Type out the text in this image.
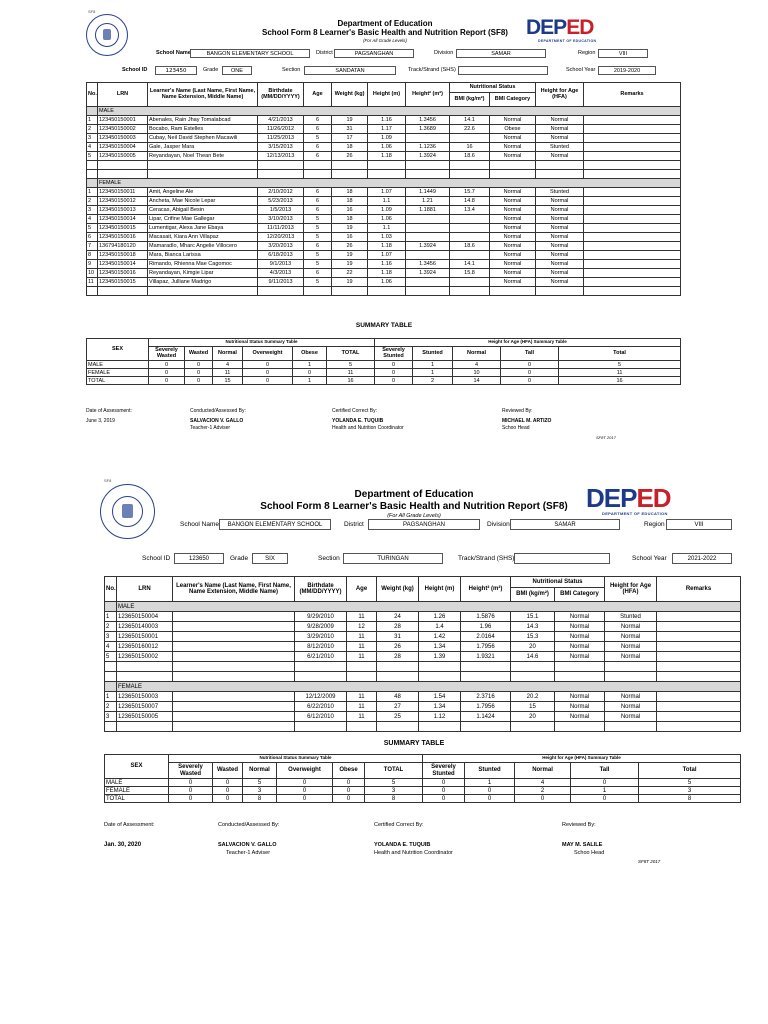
SF8
Department of Education
School Form 8 Learner's Basic Health and Nutrition Report (SF8)
(For All Grade Levels)
DEPED
DEPARTMENT OF EDUCATION
School Name	BANGON ELEMENTARY SCHOOL	District	PAGSANGHAN	Division	SAMAR	Region	VIII
School ID	123450	Grade	ONE	Section	SANDATAN	Track/Strand (SHS)	School Year	2019-2020
No.	LRN	Learner's Name (Last Name, First Name, Name Extension, Middle Name)	Birthdate (MM/DD/YYYY)	Age	Weight (kg)	Height (m)	Height² (m²)	Nutritional Status		Height for Age (HFA)	Remarks
								BMI (kg/m²)	BMI Category		
	MALE										
1	123450150001	Abenales, Rain Jhay Tomalabcad	4/21/2013	6	19	1.16	1.3456	14.1	Normal	Normal	
2	123450150002	Bocabo, Ram Estelles	11/26/2012	6	31	1.17	1.3689	22.6	Obese	Normal	
3	123450150003	Cubay, Neil David Stephen Macawili	11/25/2013	5	17	1.09			Normal	Normal	
4	123450150004	Gale, Jasper Mara	3/15/2013	6	18	1.06	1.1236	16	Normal	Stunted	
5	123450150005	Reyandayan, Noel Thean Bete	12/13/2013	6	26	1.18	1.3924	18.6	Normal	Normal	

	FEMALE										
1	123450150011	Amit, Angeline Ale	2/10/2012	6	18	1.07	1.1449	15.7	Normal	Stunted	
2	123450150012	Ancheta, Mae Nicole Lepar	5/23/2013	6	18	1.1	1.21	14.8	Normal	Normal	
3	123450150013	Ceracas, Abigail Besin	1/5/2013	6	16	1.09	1.1881	13.4	Normal	Normal	
4	123450150014	Lipar, Crifine Mae Gallegar	3/10/2013	5	18	1.06			Normal	Normal	
5	123450150015	Lumentigar, Alexa Jane Ebaya	11/11/2013	5	19	1.1			Normal	Normal	
6	123450150016	Macasait, Kiara Ann Villapaz	12/20/2013	5	16	1.03			Normal	Normal	
7	136794180120	Mamaradlo, Mharc Angelie Villocero	3/20/2013	6	26	1.18	1.3924	18.6	Normal	Normal	
8	123450150018	Mara, Bianca Larissa	6/18/2013	5	19	1.07			Normal	Normal	
9	123450150014	Rimando, Rhienna Mae Cagomoc	9/1/2013	5	19	1.16	1.3456	14.1	Normal	Normal	
10	123450150016	Reyandayan, Kimgie Lipar	4/3/2013	6	22	1.18	1.3924	15.8	Normal	Normal	
11	123450150015	Villapaz, Julliane Madrigo	9/11/2013	5	19	1.06			Normal	Normal	

SUMMARY TABLE
SEX	Nutritional Status Summary Table						Height for Age (HFA) Summary Table				
	Severely Wasted	Wasted	Normal	Overweight	Obese	TOTAL	Severely Stunted	Stunted	Normal	Tall	Total
MALE	0	0	4	0	1	5	0	1	4	0	5
FEMALE	0	0	11	0	0	11	0	1	10	0	11
TOTAL	0	0	15	0	1	16	0	2	14	0	16
Date of Assessment:
June 3, 2019
Conducted/Assessed By:
SALVACION V. GALLO
Teacher-1 Adviser
Certified Correct By:
YOLANDA E. TUQUIB
Health and Nutrition Coordinator
Reviewed By:
MICHAEL M. ARTIZO
Schoo Head
SF8T 2017
SF8
Department of Education
School Form 8 Learner's Basic Health and Nutrition Report (SF8)
(For All Grade Levels)
DEPED
DEPARTMENT OF EDUCATION
School Name	BANGON ELEMENTARY SCHOOL	District	PAGSANGHAN	Division	SAMAR	Region	VIII
School ID	123650	Grade	SIX	Section	TURINGAN	Track/Strand (SHS)	School Year	2021-2022
No.	LRN	Learner's Name (Last Name, First Name, Name Extension, Middle Name)	Birthdate (MM/DD/YYYY)	Age	Weight (kg)	Height (m)	Height² (m²)	Nutritional Status		Height for Age (HFA)	Remarks
								BMI (kg/m²)	BMI Category		
	MALE										
1	123650150004		9/29/2010	11	24	1.26	1.5876	15.1	Normal	Stunted	
2	123650140003		9/28/2009	12	28	1.4	1.96	14.3	Normal	Normal	
3	123650150001		3/29/2010	11	31	1.42	2.0164	15.3	Normal	Normal	
4	123650160012		8/12/2010	11	26	1.34	1.7956	20	Normal	Normal	
5	123650150002		6/21/2010	11	28	1.39	1.9321	14.6	Normal	Normal	

	FEMALE										
1	123650150003		12/12/2009	11	48	1.54	2.3716	20.2	Normal	Normal	
2	123650150007		6/22/2010	11	27	1.34	1.7956	15	Normal	Normal	
3	123650150005		6/12/2010	11	25	1.12	1.1424	20	Normal	Normal	

SUMMARY TABLE
SEX	Nutritional Status Summary Table						Height for Age (HFA) Summary Table				
	Severely Wasted	Wasted	Normal	Overweight	Obese	TOTAL	Severely Stunted	Stunted	Normal	Tall	Total
MALE	0	0	5	0	0	5	0	1	4	0	5
FEMALE	0	0	3	0	0	3	0	0	2	1	3
TOTAL	0	0	8	0	0	8	0	0	0	0	8
Date of Assessment:
Jan. 30, 2020
Conducted/Assessed By:
SALVACION V. GALLO
Teacher-1 Adviser
Certified Correct By:
YOLANDA E. TUQUIB
Health and Nutrition Coordinator
Reviewed By:
MAY M. SALILE
Schoo Head
SF8T 2017
